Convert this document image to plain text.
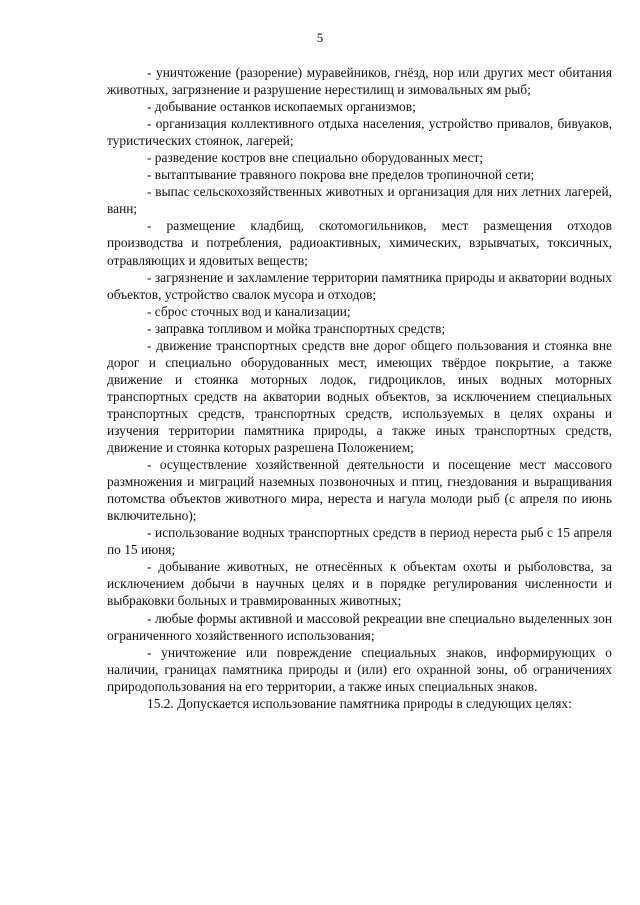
5

- уничтожение (разорение) муравейников, гнёзд, нор или других мест обитания животных, загрязнение и разрушение нерестилищ и зимовальных ям рыб;

- добывание останков ископаемых организмов;

- организация коллективного отдыха населения, устройство привалов, бивуаков, туристических стоянок, лагерей;

- разведение костров вне специально оборудованных мест;

- вытаптывание травяного покрова вне пределов тропиночной сети;

- выпас сельскохозяйственных животных и организация для них летних лагерей, ванн;

- размещение кладбищ, скотомогильников, мест размещения отходов производства и потребления, радиоактивных, химических, взрывчатых, токсичных, отравляющих и ядовитых веществ;

- загрязнение и захламление территории памятника природы и акватории водных объектов, устройство свалок мусора и отходов;

- сброс сточных вод и канализации;

- заправка топливом и мойка транспортных средств;

- движение транспортных средств вне дорог общего пользования и стоянка вне дорог и специально оборудованных мест, имеющих твёрдое покрытие, а также движение и стоянка моторных лодок, гидроциклов, иных водных моторных транспортных средств на акватории водных объектов, за исключением специальных транспортных средств, транспортных средств, используемых в целях охраны и изучения территории памятника природы, а также иных транспортных средств, движение и стоянка которых разрешена Положением;

- осуществление хозяйственной деятельности и посещение мест массового размножения и миграций наземных позвоночных и птиц, гнездования и выращивания потомства объектов животного мира, нереста и нагула молоди рыб (с апреля по июнь включительно);

- использование водных транспортных средств в период нереста рыб с 15 апреля по 15 июня;

- добывание животных, не отнесённых к объектам охоты и рыболовства, за исключением добычи в научных целях и в порядке регулирования численности и выбраковки больных и травмированных животных;

- любые формы активной и массовой рекреации вне специально выделенных зон ограниченного хозяйственного использования;

- уничтожение или повреждение специальных знаков, информирующих о наличии, границах памятника природы и (или) его охранной зоны, об ограничениях природопользования на его территории, а также иных специальных знаков.

15.2. Допускается использование памятника природы в следующих целях:
